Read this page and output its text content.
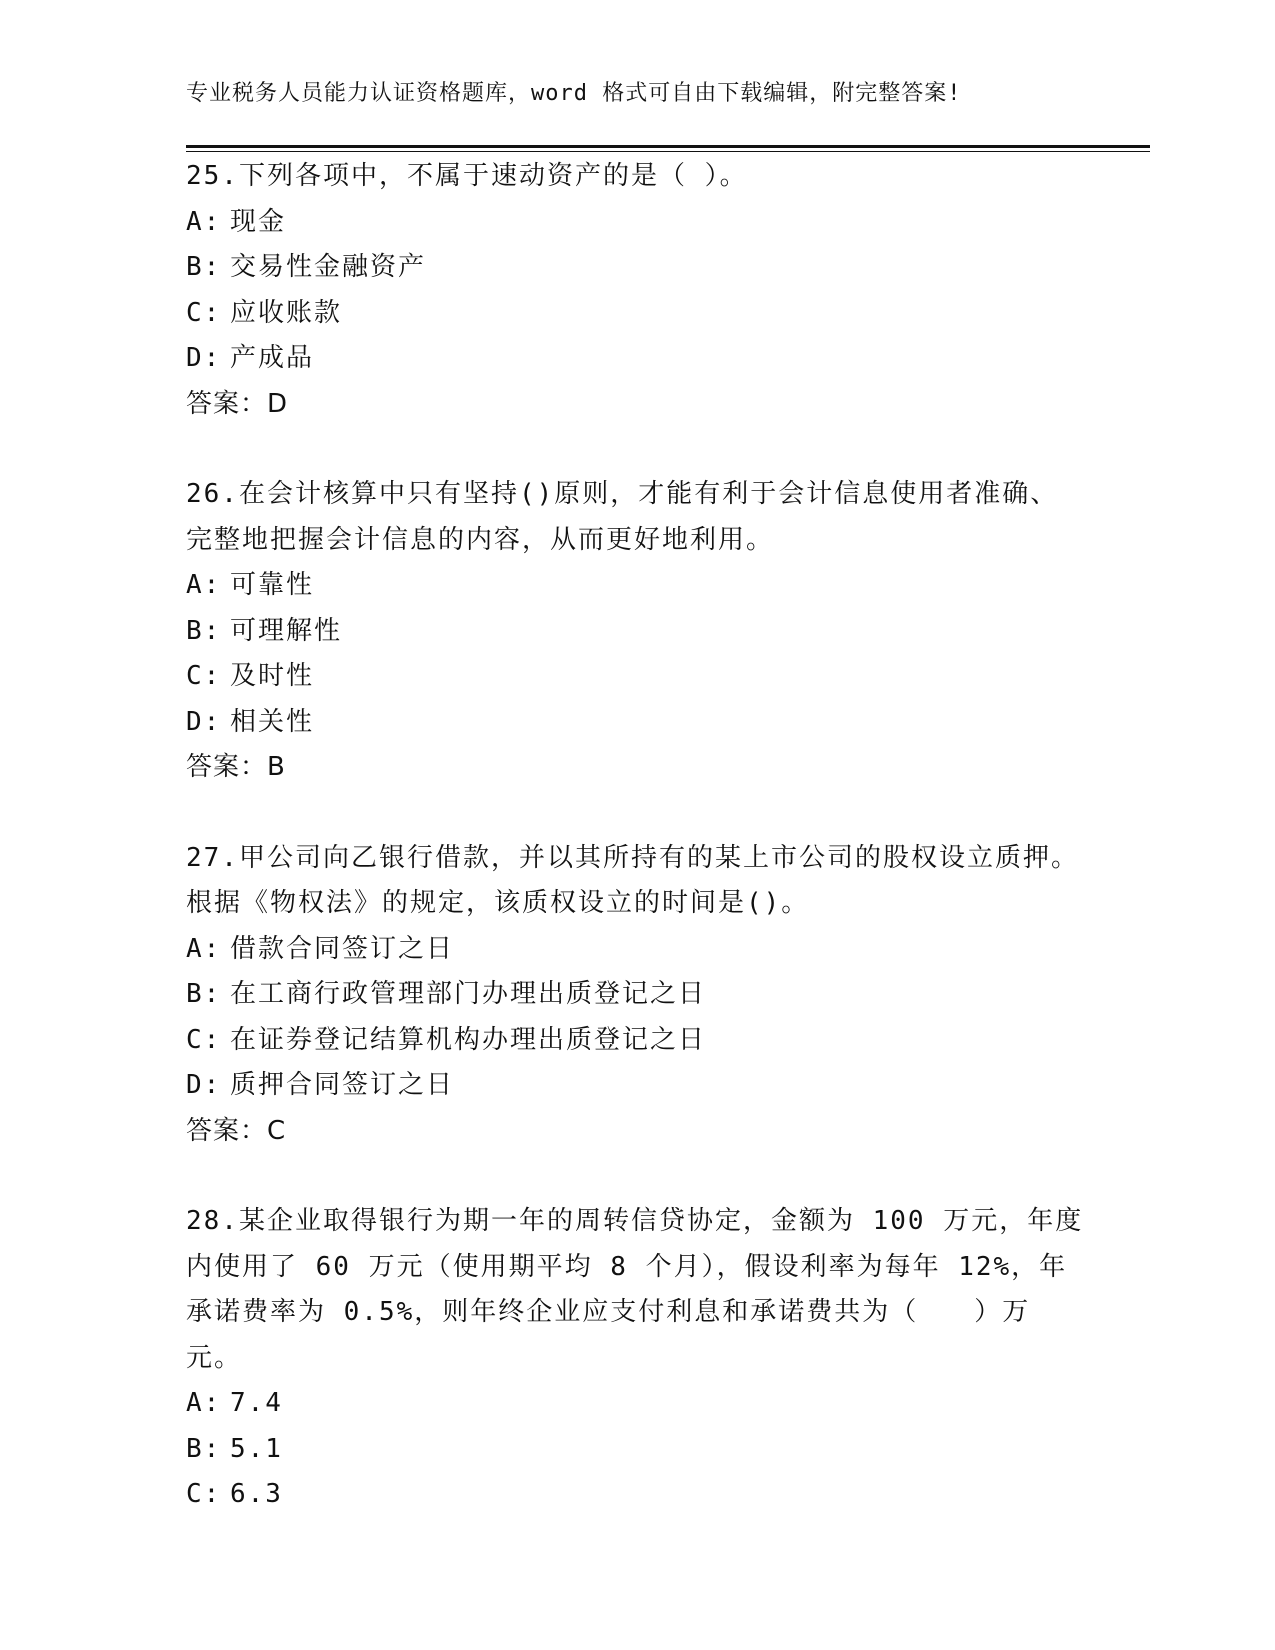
专业税务人员能力认证资格题库，word 格式可自由下载编辑，附完整答案!

25.下列各项中，不属于速动资产的是（ ）。

A: 现金

B: 交易性金融资产

C: 应收账款

D: 产成品

答案：D

26.在会计核算中只有坚持()原则，才能有利于会计信息使用者准确、完整地把握会计信息的内容，从而更好地利用。

A: 可靠性

B: 可理解性

C: 及时性

D: 相关性

答案：B

27.甲公司向乙银行借款，并以其所持有的某上市公司的股权设立质押。根据《物权法》的规定，该质权设立的时间是()。

A: 借款合同签订之日

B: 在工商行政管理部门办理出质登记之日

C: 在证券登记结算机构办理出质登记之日

D: 质押合同签订之日

答案：C

28.某企业取得银行为期一年的周转信贷协定，金额为 100 万元，年度内使用了 60 万元（使用期平均 8 个月），假设利率为每年 12%，年承诺费率为 0.5%，则年终企业应支付利息和承诺费共为（　　）万元。

A: 7.4

B: 5.1

C: 6.3
